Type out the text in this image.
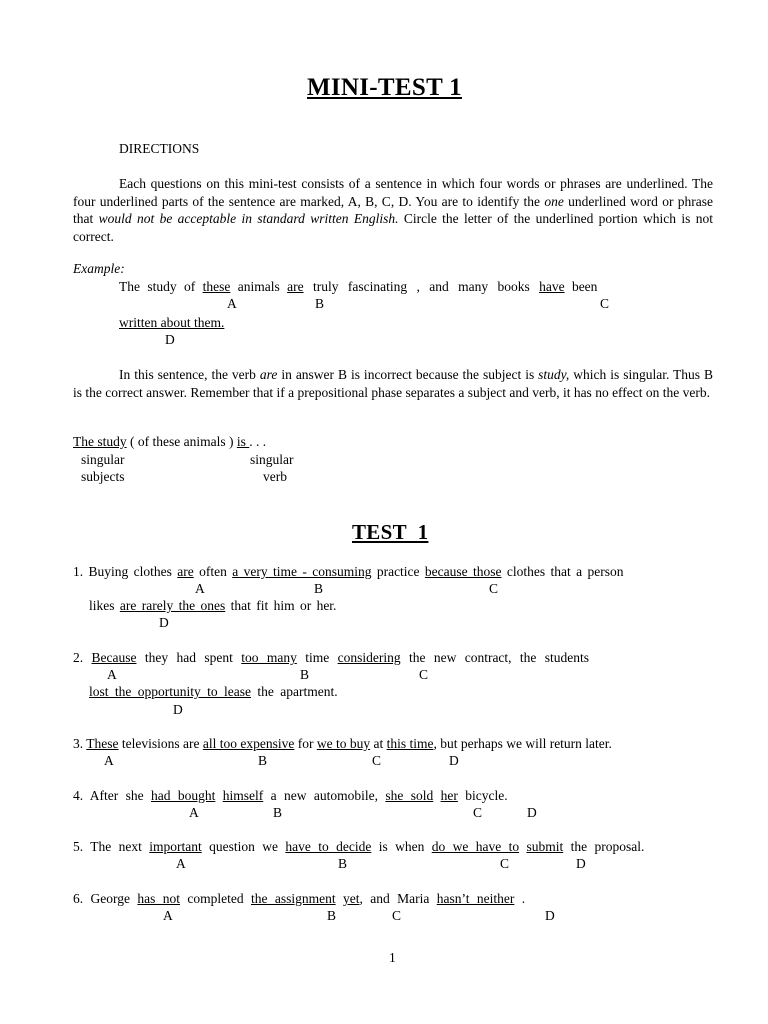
MINI-TEST 1
DIRECTIONS

Each questions on this mini-test consists of a sentence in which four words or phrases are underlined. The four underlined parts of the sentence are marked, A, B, C, D. You are to identify the one underlined word or phrase that would not be acceptable in standard written English. Circle the letter of the underlined portion which is not correct.

Example:
The study of these animals are truly fascinating , and many books have been
A	B	C
written about them.
D

In this sentence, the verb are in answer B is incorrect because the subject is study, which is singular. Thus B is the correct answer. Remember that if a prepositional phase separates a subject and verb, it has no effect on the verb.

The study ( of these animals ) is . . .
singular
subjects
singular
verb
TEST  1
1. Buying clothes are often a very time - consuming practice because those clothes that a person
A	B	C
likes are rarely the ones that fit him or her.
D
2. Because they had spent too many time considering the new contract, the students
A	B	C
lost the opportunity to lease the apartment.
D
3. These televisions are all too expensive for we to buy at this time, but perhaps we will return later.
A	B	C	D
4. After she had bought himself a new automobile, she sold her bicycle.
A	B	C	D
5. The next important question we have to decide is when do we have to submit the proposal.
A	B	C	D
6. George has not completed the assignment yet, and Maria hasn’t neither .
A	B	C	D
1
